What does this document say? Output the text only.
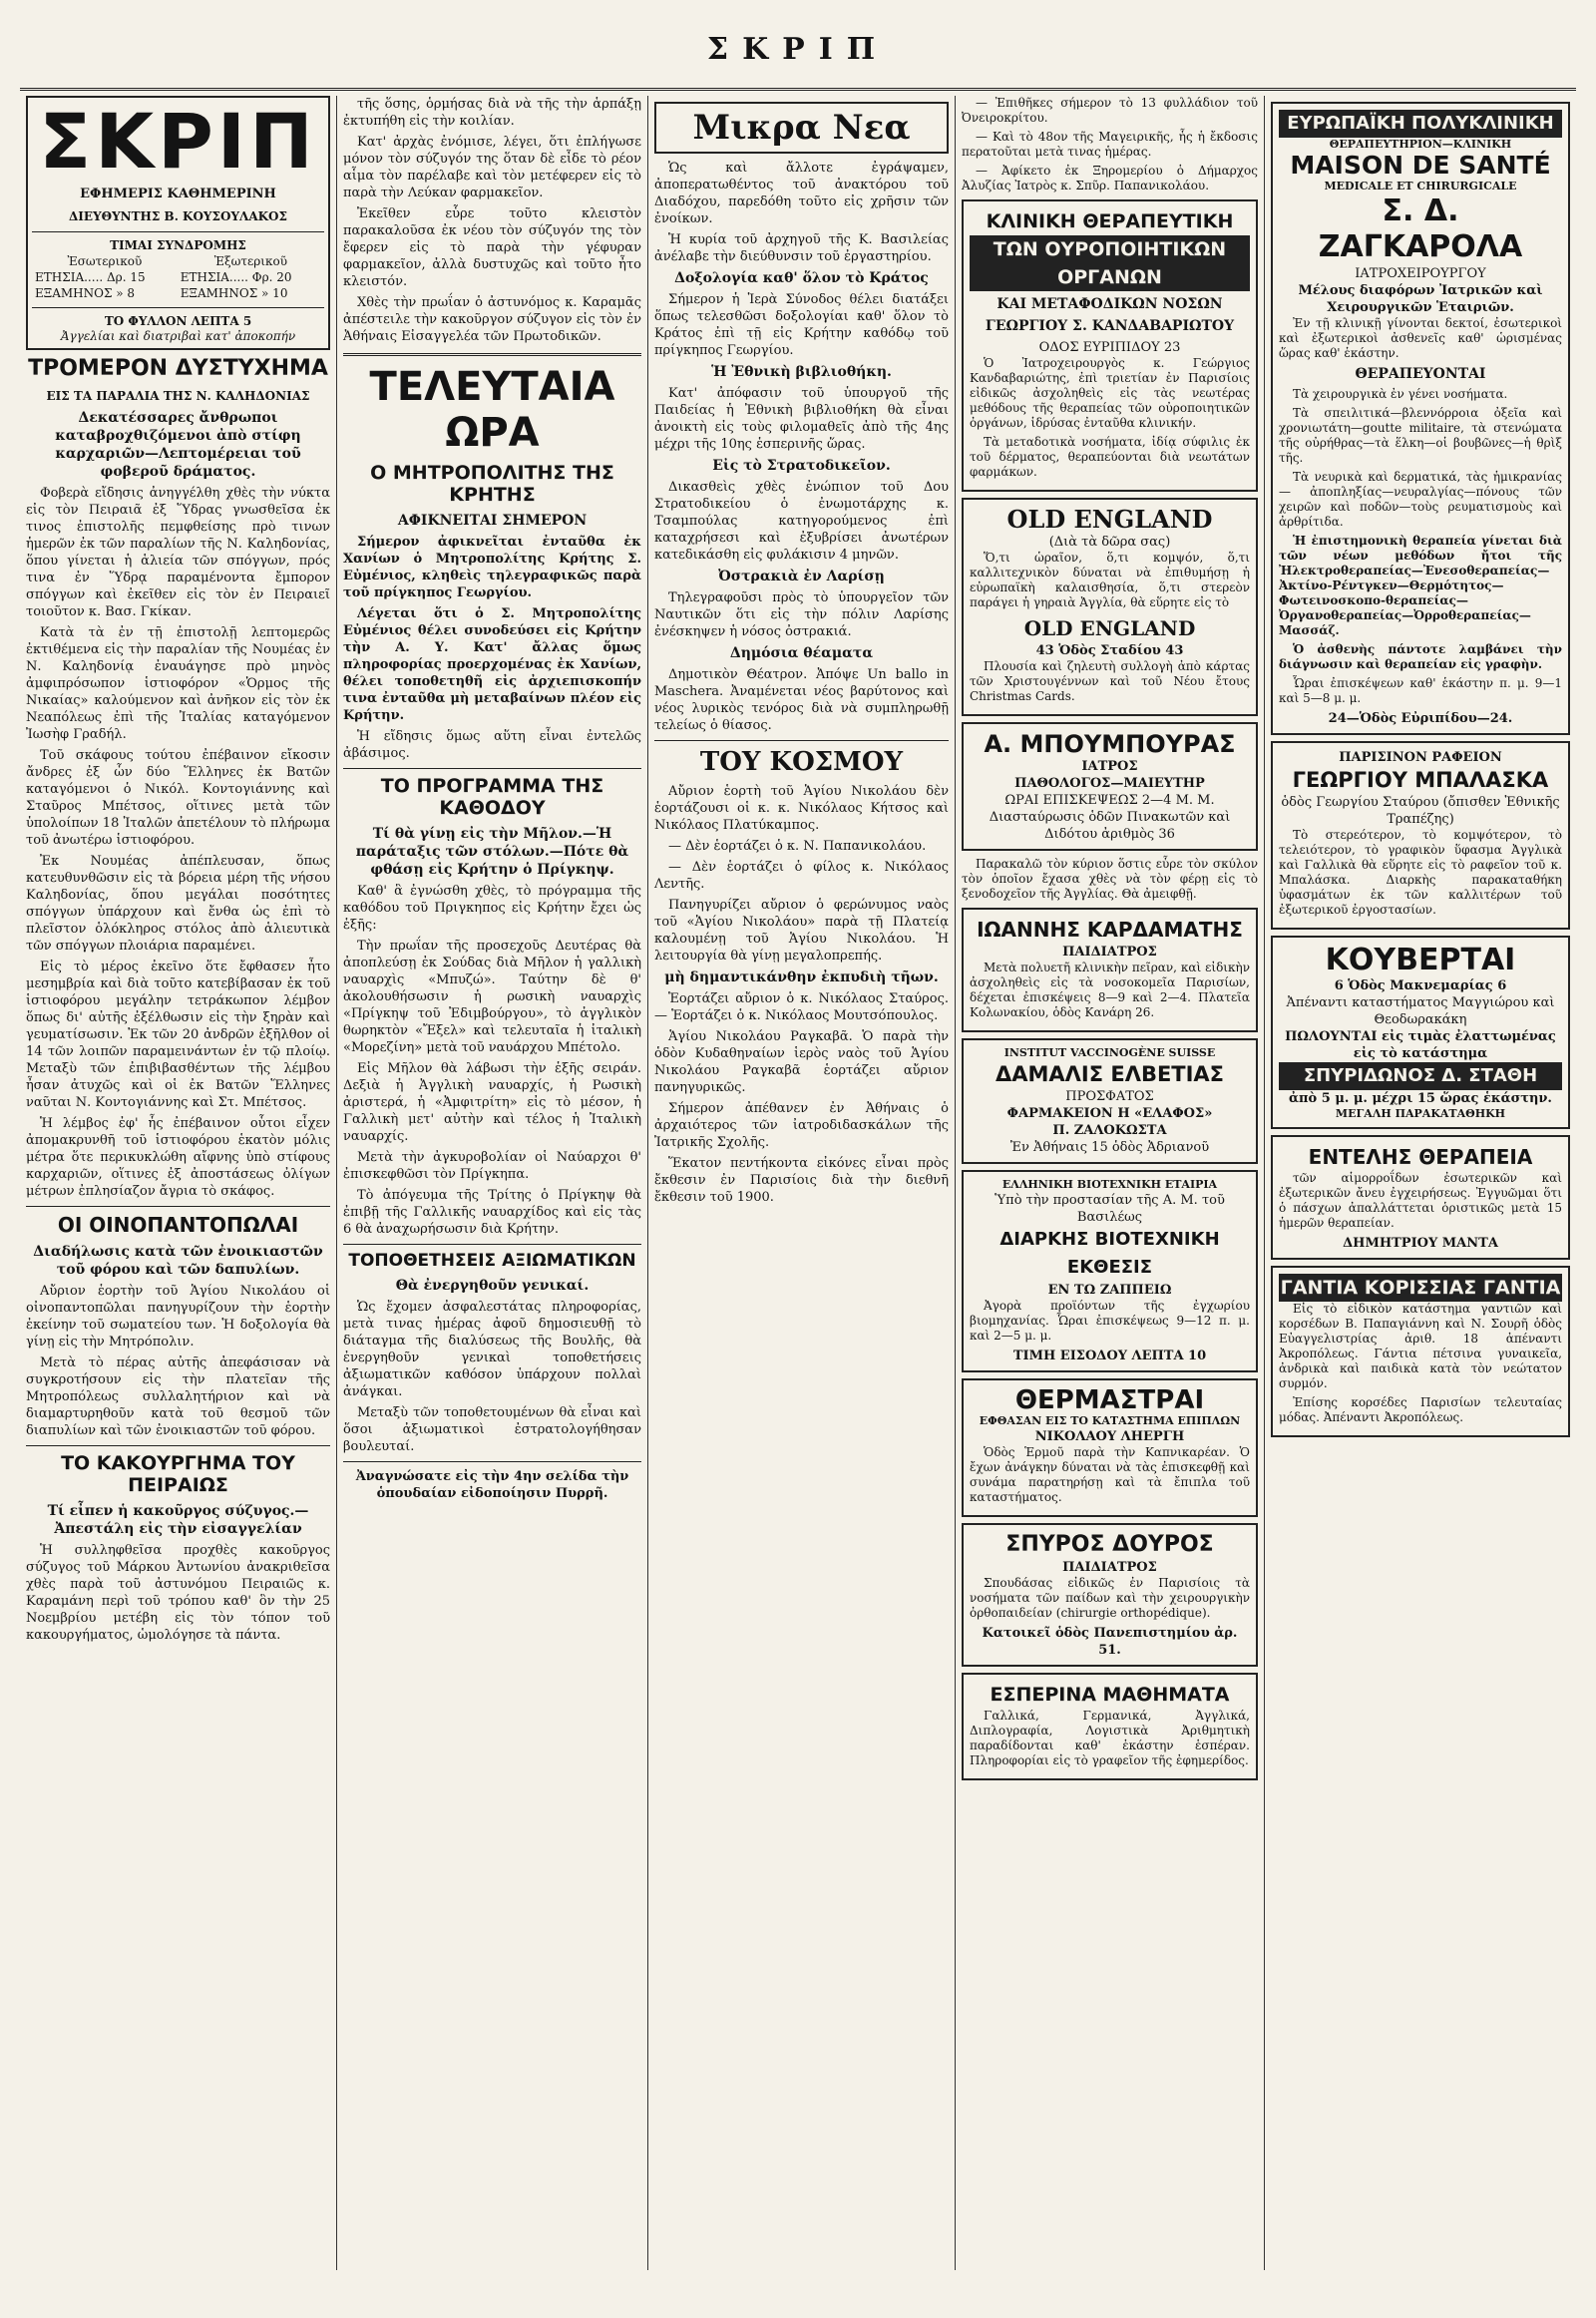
ΣΚΡΙΠ
ΣΚΡΙΠ
ΕΦΗΜΕΡΙΣ ΚΑΘΗΜΕΡΙΝΗ
ΔΙΕΥΘΥΝΤΗΣ Β. ΚΟΥΣΟΥΛΑΚΟΣ
ΤΙΜΑΙ ΣΥΝΔΡΟΜΗΣ
Ἐσωτερικοῦ	Ἐξωτερικοῦ
ΕΤΗΣΙΑ..... Δρ. 15	ΕΤΗΣΙΑ..... Φρ. 20
ΕΞΑΜΗΝΟΣ » 8	ΕΞΑΜΗΝΟΣ » 10
ΤΟ ΦΥΛΛΟΝ ΛΕΠΤΑ 5
Ἀγγελίαι καὶ διατριβαὶ κατ' ἀποκοπήν
ΤΡΟΜΕΡΟΝ ΔΥΣΤΥΧΗΜΑ
ΕΙΣ ΤΑ ΠΑΡΑΛΙΑ ΤΗΣ Ν. ΚΑΛΗΔΟΝΙΑΣ
Δεκατέσσαρες ἄνθρωποι καταβροχθιζόμενοι ἀπὸ στίφη καρχαριῶν—Λεπτομέρειαι τοῦ φοβεροῦ δράματος.

Φοβερὰ εἴδησις ἀνηγγέλθη χθὲς τὴν νύκτα εἰς τὸν Πειραιᾶ ἐξ Ὕδρας γνωσθεῖσα ἐκ τινος ἐπιστολῆς πεμφθείσης πρὸ τινων ἡμερῶν ἐκ τῶν παραλίων τῆς Ν. Καληδονίας, ὅπου γίνεται ἡ ἁλιεία τῶν σπόγγων, πρός τινα ἐν Ὕδρᾳ παραμένοντα ἔμπορον σπόγγων καὶ ἐκεῖθεν εἰς τὸν ἐν Πειραιεῖ τοιοῦτον κ. Βασ. Γκίκαν.

Κατὰ τὰ ἐν τῇ ἐπιστολῇ λεπτομερῶς ἐκτιθέμενα εἰς τὴν παραλίαν τῆς Νουμέας ἐν Ν. Καληδονίᾳ ἐναυάγησε πρὸ μηνὸς ἀμφιπρόσωπον ἱστιοφόρον «Ὁρμος τῆς Νικαίας» καλούμενον καὶ ἀνῆκον εἰς τὸν ἐκ Νεαπόλεως ἐπὶ τῆς Ἰταλίας καταγόμενον Ἰωσὴφ Γραδήλ.

Τοῦ σκάφους τούτου ἐπέβαινον εἴκοσιν ἄνδρες ἐξ ὧν δύο Ἕλληνες ἐκ Βατῶν καταγόμενοι ὁ Νικόλ. Κοντογιάννης καὶ Σταῦρος Μπέτσος, οἵτινες μετὰ τῶν ὑπολοίπων 18 Ἰταλῶν ἀπετέλουν τὸ πλήρωμα τοῦ ἀνωτέρω ἱστιοφόρου.

Ἐκ Νουμέας ἀπέπλευσαν, ὅπως κατευθυνθῶσιν εἰς τὰ βόρεια μέρη τῆς νήσου Καληδονίας, ὅπου μεγάλαι ποσότητες σπόγγων ὑπάρχουν καὶ ἔνθα ὡς ἐπὶ τὸ πλεῖστον ὁλόκληρος στόλος ἀπὸ ἁλιευτικὰ τῶν σπόγγων πλοιάρια παραμένει.

Εἰς τὸ μέρος ἐκεῖνο ὅτε ἔφθασεν ἦτο μεσημβρία καὶ διὰ τοῦτο κατεβίβασαν ἐκ τοῦ ἱστιοφόρου μεγάλην τετράκωπον λέμβον ὅπως δι' αὐτῆς ἐξέλθωσιν εἰς τὴν ξηρὰν καὶ γευματίσωσιν. Ἐκ τῶν 20 ἀνδρῶν ἐξῆλθον οἱ 14 τῶν λοιπῶν παραμεινάντων ἐν τῷ πλοίῳ. Μεταξὺ τῶν ἐπιβιβασθέντων τῆς λέμβου ἦσαν ἀτυχῶς καὶ οἱ ἐκ Βατῶν Ἕλληνες ναῦται Ν. Κοντογιάννης καὶ Στ. Μπέτσος.

Ἡ λέμβος ἐφ' ἧς ἐπέβαινον οὗτοι εἶχεν ἀπομακρυνθῆ τοῦ ἱστιοφόρου ἑκατὸν μόλις μέτρα ὅτε περικυκλώθη αἴφνης ὑπὸ στίφους καρχαριῶν, οἵτινες ἐξ ἀποστάσεως ὀλίγων μέτρων ἐπλησίαζον ἄγρια τὸ σκάφος.

ΟΙ ΟΙΝΟΠΑΝΤΟΠΩΛΑΙ
Διαδήλωσις κατὰ τῶν ἐνοικιαστῶν τοῦ φόρου καὶ τῶν δαπυλίων.

Αὔριον ἑορτὴν τοῦ Ἁγίου Νικολάου οἱ οἰνοπαντοπῶλαι πανηγυρίζουν τὴν ἑορτὴν ἐκείνην τοῦ σωματείου των. Ἡ δοξολογία θὰ γίνῃ εἰς τὴν Μητρόπολιν.

Μετὰ τὸ πέρας αὐτῆς ἀπεφάσισαν νὰ συγκροτήσουν εἰς τὴν πλατεῖαν τῆς Μητροπόλεως συλλαλητήριον καὶ νὰ διαμαρτυρηθοῦν κατὰ τοῦ θεσμοῦ τῶν διαπυλίων καὶ τῶν ἐνοικιαστῶν τοῦ φόρου.

ΤΟ ΚΑΚΟΥΡΓΗΜΑ ΤΟΥ ΠΕΙΡΑΙΩΣ
Τί εἶπεν ἡ κακοῦργος σύζυγος.—Ἀπεστάλη εἰς τὴν εἰσαγγελίαν

Ἡ συλληφθεῖσα προχθὲς κακοῦργος σύζυγος τοῦ Μάρκου Ἀντωνίου ἀνακριθεῖσα χθὲς παρὰ τοῦ ἀστυνόμου Πειραιῶς κ. Καραμάνη περὶ τοῦ τρόπου καθ' ὃν τὴν 25 Νοεμβρίου μετέβη εἰς τὸν τόπον τοῦ κακουργήματος, ὡμολόγησε τὰ πάντα.

τῆς ὅσης, ὁρμήσας διὰ νὰ τῆς τὴν ἁρπάξῃ ἐκτυπήθη εἰς τὴν κοιλίαν.

Κατ' ἀρχὰς ἐνόμισε, λέγει, ὅτι ἐπλήγωσε μόνον τὸν σύζυγόν της ὅταν δὲ εἶδε τὸ ρέον αἷμα τὸν παρέλαβε καὶ τὸν μετέφερεν εἰς τὸ παρὰ τὴν Λεύκαν φαρμακεῖον.

Ἐκεῖθεν εὗρε τοῦτο κλειστὸν παρακαλοῦσα ἐκ νέου τὸν σύζυγόν της τὸν ἔφερεν εἰς τὸ παρὰ τὴν γέφυραν φαρμακεῖον, ἀλλὰ δυστυχῶς καὶ τοῦτο ἦτο κλειστόν.

Χθὲς τὴν πρωΐαν ὁ ἀστυνόμος κ. Καραμᾶς ἀπέστειλε τὴν κακοῦργον σύζυγον εἰς τὸν ἐν Ἀθήναις Εἰσαγγελέα τῶν Πρωτοδικῶν.

ΤΕΛΕΥΤΑΙΑ ΩΡΑ
Ο ΜΗΤΡΟΠΟΛΙΤΗΣ ΤΗΣ ΚΡΗΤΗΣ
ΑΦΙΚΝΕΙΤΑΙ ΣΗΜΕΡΟΝ

Σήμερον ἀφικνεῖται ἐνταῦθα ἐκ Χανίων ὁ Μητροπολίτης Κρήτης Σ. Εὐμένιος, κληθεὶς τηλεγραφικῶς παρὰ τοῦ πρίγκηπος Γεωργίου.

Λέγεται ὅτι ὁ Σ. Μητροπολίτης Εὐμένιος θέλει συνοδεύσει εἰς Κρήτην τὴν Α. Υ. Κατ' ἄλλας ὅμως πληροφορίας προερχομένας ἐκ Χανίων, θέλει τοποθετηθῆ εἰς ἀρχιεπισκοπήν τινα ἐνταῦθα μὴ μεταβαίνων πλέον εἰς Κρήτην.

Ἡ εἴδησις ὅμως αὕτη εἶναι ἐντελῶς ἀβάσιμος.

ΤΟ ΠΡΟΓΡΑΜΜΑ ΤΗΣ ΚΑΘΟΔΟΥ
Τί θὰ γίνῃ εἰς τὴν Μῆλον.—Ἡ παράταξις τῶν στόλων.—Πότε θὰ φθάσῃ εἰς Κρήτην ὁ Πρίγκηψ.

Καθ' ἃ ἐγνώσθη χθὲς, τὸ πρόγραμμα τῆς καθόδου τοῦ Πριγκηπος εἰς Κρήτην ἔχει ὡς ἑξῆς:

Τὴν πρωΐαν τῆς προσεχοῦς Δευτέρας θὰ ἀποπλεύσῃ ἐκ Σούδας διὰ Μῆλον ἡ γαλλικὴ ναυαρχὶς «Μπυζώ». Ταύτην δὲ θ' ἀκολουθήσωσιν ἡ ρωσικὴ ναυαρχὶς «Πρίγκηψ τοῦ Ἐδιμβούργου», τὸ ἀγγλικὸν θωρηκτὸν «Ἔξελ» καὶ τελευταῖα ἡ ἰταλικὴ «Μορεζίνη» μετὰ τοῦ ναυάρχου Μπέτολο.

Εἰς Μῆλον θὰ λάβωσι τὴν ἑξῆς σειράν. Δεξιὰ ἡ Ἀγγλικὴ ναυαρχίς, ἡ Ρωσικὴ ἀριστερά, ἡ «Ἀμφιτρίτη» εἰς τὸ μέσον, ἡ Γαλλικὴ μετ' αὐτὴν καὶ τέλος ἡ Ἰταλικὴ ναυαρχίς.

Μετὰ τὴν ἀγκυροβολίαν οἱ Ναύαρχοι θ' ἐπισκεφθῶσι τὸν Πρίγκηπα.

Τὸ ἀπόγευμα τῆς Τρίτης ὁ Πρίγκηψ θὰ ἐπιβῇ τῆς Γαλλικῆς ναυαρχίδος καὶ εἰς τὰς 6 θὰ ἀναχωρήσωσιν διὰ Κρήτην.

ΤΟΠΟΘΕΤΗΣΕΙΣ ΑΞΙΩΜΑΤΙΚΩΝ
Θὰ ἐνεργηθοῦν γενικαί.

Ὡς ἔχομεν ἀσφαλεστάτας πληροφορίας, μετὰ τινας ἡμέρας ἀφοῦ δημοσιευθῇ τὸ διάταγμα τῆς διαλύσεως τῆς Βουλῆς, θὰ ἐνεργηθοῦν γενικαὶ τοποθετήσεις ἀξιωματικῶν καθόσον ὑπάρχουν πολλαὶ ἀνάγκαι.

Μεταξὺ τῶν τοποθετουμένων θὰ εἶναι καὶ ὅσοι ἀξιωματικοὶ ἐστρατολογήθησαν βουλευταί.

Ἀναγνώσατε εἰς τὴν 4ην σελίδα τὴν ὁπουδαίαν εἰδοποίησιν Πυρρῆ.

Μικρα Νεα

Ὡς καὶ ἄλλοτε ἐγράψαμεν, ἀποπερατωθέντος τοῦ ἀνακτόρου τοῦ Διαδόχου, παρεδόθη τοῦτο εἰς χρῆσιν τῶν ἐνοίκων.

Ἡ κυρία τοῦ ἀρχηγοῦ τῆς Κ. Βασιλείας ἀνέλαβε τὴν διεύθυνσιν τοῦ ἐργαστηρίου.

Δοξολογία καθ' ὅλον τὸ Κράτος

Σήμερον ἡ Ἱερὰ Σύνοδος θέλει διατάξει ὅπως τελεσθῶσι δοξολογίαι καθ' ὅλον τὸ Κράτος ἐπὶ τῇ εἰς Κρήτην καθόδῳ τοῦ πρίγκηπος Γεωργίου.

Ἡ Ἐθνικὴ βιβλιοθήκη.

Κατ' ἀπόφασιν τοῦ ὑπουργοῦ τῆς Παιδείας ἡ Ἐθνικὴ βιβλιοθήκη θὰ εἶναι ἀνοικτὴ εἰς τοὺς φιλομαθεῖς ἀπὸ τῆς 4ης μέχρι τῆς 10ης ἑσπερινῆς ὥρας.

Εἰς τὸ Στρατοδικεῖον.

Δικασθεὶς χθὲς ἐνώπιον τοῦ Δου Στρατοδικείου ὁ ἐνωμοτάρχης κ. Τσαμπούλας κατηγορούμενος ἐπὶ καταχρήσεσι καὶ ἐξυβρίσει ἀνωτέρων κατεδικάσθη εἰς φυλάκισιν 4 μηνῶν.

Ὀστρακιὰ ἐν Λαρίσῃ

Τηλεγραφοῦσι πρὸς τὸ ὑπουργεῖον τῶν Ναυτικῶν ὅτι εἰς τὴν πόλιν Λαρίσης ἐνέσκηψεν ἡ νόσος ὀστρακιά.

Δημόσια θέαματα

Δημοτικὸν Θέατρον. Ἀπόψε Un ballo in Maschera. Ἀναμένεται νέος βαρύτονος καὶ νέος λυρικὸς τενόρος διὰ νὰ συμπληρωθῇ τελείως ὁ θίασος.

ΤΟΥ ΚΟΣΜΟΥ

Αὔριον ἑορτὴ τοῦ Ἁγίου Νικολάου δὲν ἑορτάζουσι οἱ κ. κ. Νικόλαος Κήτσος καὶ Νικόλαος Πλατύκαμπος.

— Δὲν ἑορτάζει ὁ κ. Ν. Παπανικολάου.

— Δὲν ἑορτάζει ὁ φίλος κ. Νικόλαος Λεντῆς.

Πανηγυρίζει αὔριον ὁ φερώνυμος ναὸς τοῦ «Ἁγίου Νικολάου» παρὰ τῇ Πλατείᾳ καλουμένῃ τοῦ Ἁγίου Νικολάου. Ἡ λειτουργία θὰ γίνῃ μεγαλοπρεπής.

μὴ δημαντικάνθην ἐκπυδιὴ τῆων.

Ἑορτάζει αὔριον ὁ κ. Νικόλαος Σταύρος. — Ἑορτάζει ὁ κ. Νικόλαος Μουτσόπουλος.

Ἁγίου Νικολάου Ραγκαβᾶ. Ὁ παρὰ τὴν ὁδὸν Κυδαθηναίων ἱερὸς ναὸς τοῦ Ἁγίου Νικολάου Ραγκαβᾶ ἑορτάζει αὔριον πανηγυρικῶς.

Σήμερον ἀπέθανεν ἐν Ἀθήναις ὁ ἀρχαιότερος τῶν ἰατροδιδασκάλων τῆς Ἰατρικῆς Σχολῆς.

Ἕκατον πεντήκοντα εἰκόνες εἶναι πρὸς ἔκθεσιν ἐν Παρισίοις διὰ τὴν διεθνῆ ἔκθεσιν τοῦ 1900.

— Ἐπιθῆκες σήμερον τὸ 13 φυλλάδιον τοῦ Ὀνειροκρίτου.

— Καὶ τὸ 48ον τῆς Μαγειρικῆς, ἧς ἡ ἔκδοσις περατοῦται μετὰ τινας ἡμέρας.

— Ἀφίκετο ἐκ Ξηρομερίου ὁ Δήμαρχος Ἀλυζίας Ἰατρὸς κ. Σπῦρ. Παπανικολάου.

ΚΛΙΝΙΚΗ ΘΕΡΑΠΕΥΤΙΚΗ
ΤΩΝ ΟΥΡΟΠΟΙΗΤΙΚΩΝ ΟΡΓΑΝΩΝ
ΚΑΙ ΜΕΤΑΦΟΔΙΚΩΝ ΝΟΣΩΝ
ΓΕΩΡΓΙΟΥ Σ. ΚΑΝΔΑΒΑΡΙΩΤΟΥ
ΟΔΟΣ ΕΥΡΙΠΙΔΟΥ 23

Ὁ Ἰατροχειρουργὸς κ. Γεώργιος Κανδαβαριώτης, ἐπὶ τριετίαν ἐν Παρισίοις εἰδικῶς ἀσχοληθεὶς εἰς τὰς νεωτέρας μεθόδους τῆς θεραπείας τῶν οὐροποιητικῶν ὀργάνων, ἱδρύσας ἐνταῦθα κλινικήν.

Τὰ μεταδοτικὰ νοσήματα, ἰδίᾳ σύφιλις ἐκ τοῦ δέρματος, θεραπεύονται διὰ νεωτάτων φαρμάκων.

OLD ENGLAND
(Διὰ τὰ δῶρα σας)

Ὅ,τι ὡραῖον, ὅ,τι κομψόν, ὅ,τι καλλιτεχνικὸν δύναται νὰ ἐπιθυμήσῃ ἡ εὐρωπαϊκὴ καλαισθησία, ὅ,τι στερεὸν παράγει ἡ γηραιὰ Ἀγγλία, θὰ εὕρητε εἰς τὸ

OLD ENGLAND
43 Ὁδὸς Σταδίου 43

Πλουσία καὶ ζηλευτὴ συλλογὴ ἀπὸ κάρτας τῶν Χριστουγέννων καὶ τοῦ Νέου ἔτους Christmas Cards.

Α. ΜΠΟΥΜΠΟΥΡΑΣ
ΙΑΤΡΟΣ
ΠΑΘΟΛΟΓΟΣ—ΜΑΙΕΥΤΗΡ
ΩΡΑΙ ΕΠΙΣΚΕΨΕΩΣ 2—4 Μ. Μ.
Διασταύρωσις ὁδῶν Πινακωτῶν καὶ Διδότου ἀριθμὸς 36

Παρακαλῶ τὸν κύριον ὅστις εὗρε τὸν σκύλον τὸν ὁποῖον ἔχασα χθὲς νὰ τὸν φέρῃ εἰς τὸ ξενοδοχεῖον τῆς Ἀγγλίας. Θὰ ἀμειφθῇ.

ΙΩΑΝΝΗΣ ΚΑΡΔΑΜΑΤΗΣ
ΠΑΙΔΙΑΤΡΟΣ

Μετὰ πολυετῆ κλινικὴν πεῖραν, καὶ εἰδικὴν ἀσχοληθεὶς εἰς τὰ νοσοκομεῖα Παρισίων, δέχεται ἐπισκέψεις 8—9 καὶ 2—4. Πλατεῖα Κολωνακίου, ὁδὸς Κανάρη 26.

INSTITUT VACCINOGÈNE SUISSE
ΔΑΜΑΛΙΣ ΕΛΒΕΤΙΑΣ
ΠΡΟΣΦΑΤΟΣ
ΦΑΡΜΑΚΕΙΟΝ Η «ΕΛΑΦΟΣ»
Π. ΖΑΛΟΚΩΣΤΑ
Ἐν Ἀθήναις 15 ὁδὸς Ἀδριανοῦ
ΕΛΛΗΝΙΚΗ ΒΙΟΤΕΧΝΙΚΗ ΕΤΑΙΡΙΑ
Ὑπὸ τὴν προστασίαν τῆς Α. Μ. τοῦ Βασιλέως
ΔΙΑΡΚΗΣ ΒΙΟΤΕΧΝΙΚΗ ΕΚΘΕΣΙΣ
ΕΝ ΤΩ ΖΑΠΠΕΙΩ

Ἀγορὰ προϊόντων τῆς ἐγχωρίου βιομηχανίας. Ὧραι ἐπισκέψεως 9—12 π. μ. καὶ 2—5 μ. μ.

ΤΙΜΗ ΕΙΣΟΔΟΥ ΛΕΠΤΑ 10
ΘΕΡΜΑΣΤΡΑΙ
ΕΦΘΑΣΑΝ ΕΙΣ ΤΟ ΚΑΤΑΣΤΗΜΑ ΕΠΙΠΛΩΝ
ΝΙΚΟΛΑΟΥ ΛΗΕΡΓΗ

Ὁδὸς Ἑρμοῦ παρὰ τὴν Καπνικαρέαν. Ὁ ἔχων ἀνάγκην δύναται νὰ τὰς ἐπισκεφθῇ καὶ συνάμα παρατηρήσῃ καὶ τὰ ἔπιπλα τοῦ καταστήματος.

ΣΠΥΡΟΣ ΔΟΥΡΟΣ
ΠΑΙΔΙΑΤΡΟΣ

Σπουδάσας εἰδικῶς ἐν Παρισίοις τὰ νοσήματα τῶν παίδων καὶ τὴν χειρουργικὴν ὀρθοπαιδείαν (chirurgie orthopédique).

Κατοικεῖ ὁδὸς Πανεπιστημίου ἀρ. 51.
ΕΣΠΕΡΙΝΑ ΜΑΘΗΜΑΤΑ

Γαλλικά, Γερμανικά, Ἀγγλικά, Διπλογραφία, Λογιστικὰ Ἀριθμητικὴ παραδίδονται καθ' ἑκάστην ἑσπέραν. Πληροφορίαι εἰς τὸ γραφεῖον τῆς ἐφημερίδος.

ΕΥΡΩΠΑΪΚΗ ΠΟΛΥΚΛΙΝΙΚΗ
ΘΕΡΑΠΕΥΤΗΡΙΟΝ—ΚΛΙΝΙΚΗ
MAISON DE SANTÉ
MEDICALE ET CHIRURGICALE
Σ. Δ. ΖΑΓΚΑΡΟΛΑ
ΙΑΤΡΟΧΕΙΡΟΥΡΓΟΥ
Μέλους διαφόρων Ἰατρικῶν καὶ Χειρουργικῶν Ἑταιριῶν.

Ἐν τῇ κλινικῇ γίνονται δεκτοί, ἐσωτερικοὶ καὶ ἐξωτερικοὶ ἀσθενεῖς καθ' ὡρισμένας ὥρας καθ' ἑκάστην.

ΘΕΡΑΠΕΥΟΝΤΑΙ

Τὰ χειρουργικὰ ἐν γένει νοσήματα.

Τὰ σπειλιτικά—βλεννόρροια ὀξεῖα καὶ χρονιωτάτη—goutte militaire, τὰ στενώματα τῆς οὐρήθρας—τὰ ἕλκη—οἱ βουβῶνες—ἡ θρὶξ τῆς.

Τὰ νευρικὰ καὶ δερματικά, τὰς ἡμικρανίας — ἀποπληξίας—νευραλγίας—πόνους τῶν χειρῶν καὶ ποδῶν—τοὺς ρευματισμοὺς καὶ ἀρθρίτιδα.

Ἡ ἐπιστημονικὴ θεραπεία γίνεται διὰ τῶν νέων μεθόδων ἤτοι τῆς Ἠλεκτροθεραπείας—Ἐνεσοθεραπείας—Ἀκτίνο-Ρέντγκεν—Θερμότητος—Φωτεινοσκοπο-θεραπείας—Ὀργανοθεραπείας—Ὀρροθεραπείας—Μασσάζ.

Ὁ ἀσθενὴς πάντοτε λαμβάνει τὴν διάγνωσιν καὶ θεραπείαν εἰς γραφὴν.

Ὧραι ἐπισκέψεων καθ' ἑκάστην π. μ. 9—1 καὶ 5—8 μ. μ.

24—Ὁδὸς Εὐριπίδου—24.
ΠΑΡΙΣΙΝΟΝ ΡΑΦΕΙΟΝ
ΓΕΩΡΓΙΟΥ ΜΠΑΛΑΣΚΑ
ὁδὸς Γεωργίου Σταύρου (ὄπισθεν Ἐθνικῆς Τραπέζης)

Τὸ στερεότερον, τὸ κομψότερον, τὸ τελειότερον, τὸ γραφικὸν ὕφασμα Ἀγγλικὰ καὶ Γαλλικὰ θὰ εὕρητε εἰς τὸ ραφεῖον τοῦ κ. Μπαλάσκα. Διαρκὴς παρακαταθήκη ὑφασμάτων ἐκ τῶν καλλιτέρων τοῦ ἐξωτερικοῦ ἐργοστασίων.

ΚΟΥΒΕΡΤΑΙ
6 Ὁδὸς Μακνεμαρίας 6
Ἀπέναντι καταστήματος Μαγγιώρου καὶ Θεοδωρακάκη
ΠΩΛΟΥΝΤΑΙ εἰς τιμὰς ἐλαττωμένας εἰς τὸ κατάστημα
ΣΠΥΡΙΔΩΝΟΣ Δ. ΣΤΑΘΗ
ἀπὸ 5 μ. μ. μέχρι 15 ὥρας ἑκάστην.
ΜΕΓΑΛΗ ΠΑΡΑΚΑΤΑΘΗΚΗ
ΕΝΤΕΛΗΣ ΘΕΡΑΠΕΙΑ

τῶν αἱμορροΐδων ἐσωτερικῶν καὶ ἐξωτερικῶν ἄνευ ἐγχειρήσεως. Ἐγγυῶμαι ὅτι ὁ πάσχων ἀπαλλάττεται ὁριστικῶς μετὰ 15 ἡμερῶν θεραπείαν.

ΔΗΜΗΤΡΙΟΥ ΜΑΝΤΑ
ΓΑΝΤΙΑ ΚΟΡΙΣΣΙΑΣ ΓΑΝΤΙΑ

Εἰς τὸ εἰδικὸν κατάστημα γαντιῶν καὶ κορσέδων Β. Παπαγιάννη καὶ Ν. Σουρῆ ὁδὸς Εὐαγγελιστρίας ἀριθ. 18 ἀπέναντι Ἀκροπόλεως. Γάντια πέτσινα γυναικεῖα, ἀνδρικὰ καὶ παιδικὰ κατὰ τὸν νεώτατον συρμόν.

Ἐπίσης κορσέδες Παρισίων τελευταίας μόδας. Ἀπέναντι Ἀκροπόλεως.
